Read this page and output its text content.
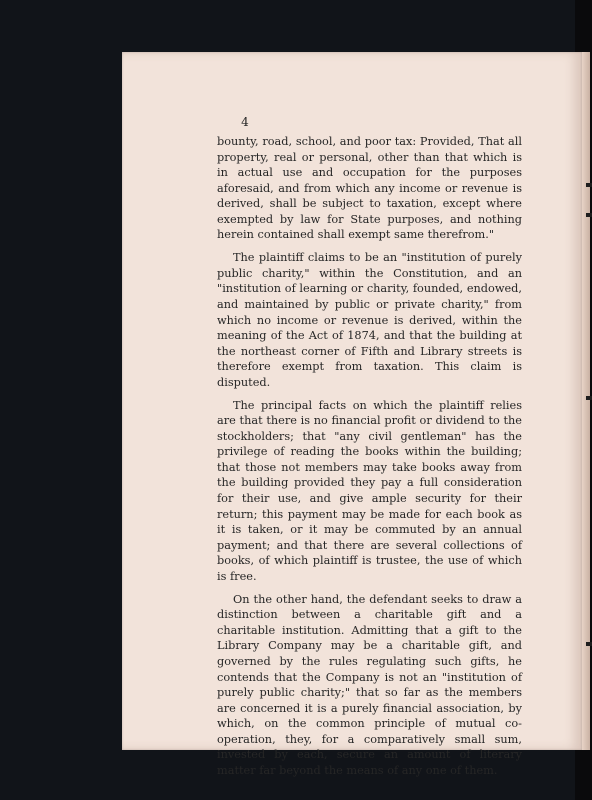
4

bounty, road, school, and poor tax: Provided, That all property, real or personal, other than that which is in actual use and occupation for the purposes aforesaid, and from which any income or revenue is derived, shall be subject to taxation, except where exempted by law for State purposes, and nothing herein contained shall exempt same therefrom."

The plaintiff claims to be an "institution of purely public charity," within the Constitution, and an "institution of learning or charity, founded, endowed, and maintained by public or private charity," from which no income or revenue is derived, within the meaning of the Act of 1874, and that the building at the northeast corner of Fifth and Library streets is therefore exempt from taxation. This claim is disputed.

The principal facts on which the plaintiff relies are that there is no financial profit or dividend to the stockholders; that "any civil gentleman" has the privilege of reading the books within the building; that those not members may take books away from the building provided they pay a full consideration for their use, and give ample security for their return; this payment may be made for each book as it is taken, or it may be commuted by an annual payment; and that there are several collections of books, of which plaintiff is trustee, the use of which is free.

On the other hand, the defendant seeks to draw a distinction between a charitable gift and a charitable institution. Admitting that a gift to the Library Company may be a charitable gift, and governed by the rules regulating such gifts, he contends that the Company is not an "institution of purely public charity;" that so far as the members are concerned it is a purely financial association, by which, on the common principle of mutual co-operation, they, for a comparatively small sum, invested by each, secure an amount of literary matter far beyond the means of any one of them.
